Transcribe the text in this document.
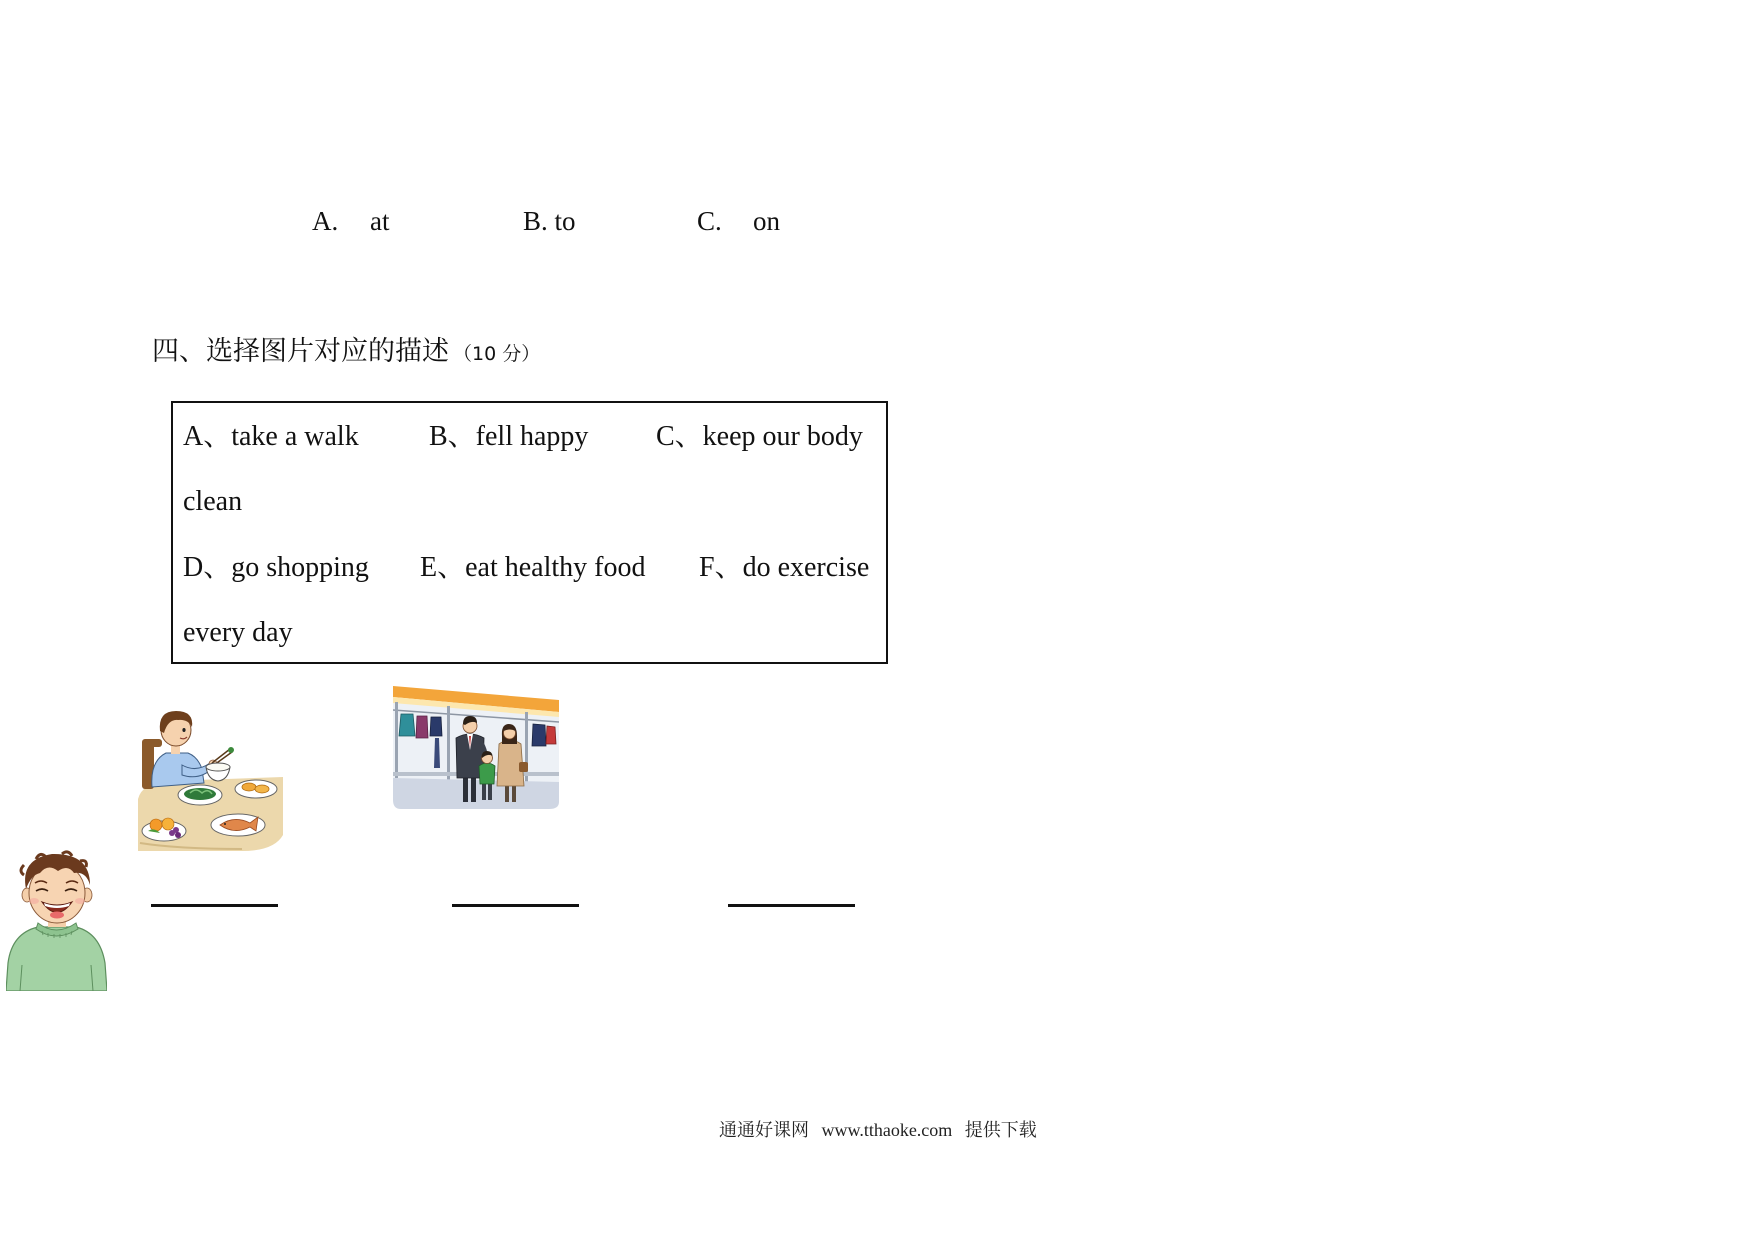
A. at	B. to	C. on
四、选择图片对应的描述 （10 分）
A、take a walk	B、fell happy C、keep our body
clean
D、go shopping E、eat healthy food F、do exercise
every day
通通好课网 www.tthaoke.com 提供下载
